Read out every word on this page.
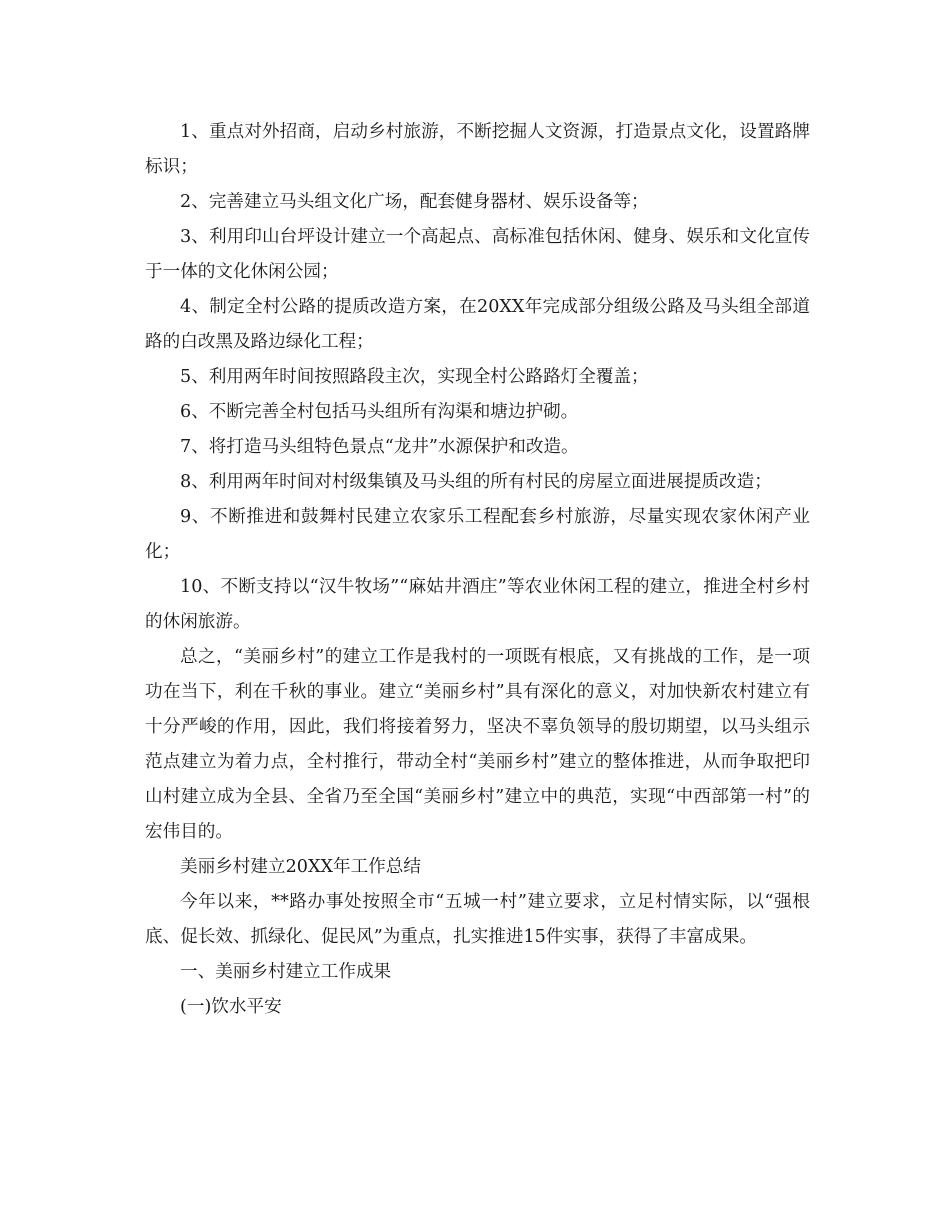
1、重点对外招商，启动乡村旅游，不断挖掘人文资源，打造景点文化，设置路牌标识；

2、完善建立马头组文化广场，配套健身器材、娱乐设备等；

3、利用印山台坪设计建立一个高起点、高标准包括休闲、健身、娱乐和文化宣传于一体的文化休闲公园；

4、制定全村公路的提质改造方案，在20XX年完成部分组级公路及马头组全部道路的白改黑及路边绿化工程；

5、利用两年时间按照路段主次，实现全村公路路灯全覆盖；

6、不断完善全村包括马头组所有沟渠和塘边护砌。

7、将打造马头组特色景点“龙井”水源保护和改造。

8、利用两年时间对村级集镇及马头组的所有村民的房屋立面进展提质改造；

9、不断推进和鼓舞村民建立农家乐工程配套乡村旅游，尽量实现农家休闲产业化；

10、不断支持以“汉牛牧场”“麻姑井酒庄”等农业休闲工程的建立，推进全村乡村的休闲旅游。

总之，“美丽乡村”的建立工作是我村的一项既有根底，又有挑战的工作，是一项功在当下，利在千秋的事业。建立“美丽乡村”具有深化的意义，对加快新农村建立有十分严峻的作用，因此，我们将接着努力，坚决不辜负领导的殷切期望，以马头组示范点建立为着力点，全村推行，带动全村“美丽乡村”建立的整体推进，从而争取把印山村建立成为全县、全省乃至全国“美丽乡村”建立中的典范，实现“中西部第一村”的宏伟目的。

美丽乡村建立20XX年工作总结

今年以来，**路办事处按照全市“五城一村”建立要求，立足村情实际，以“强根底、促长效、抓绿化、促民风”为重点，扎实推进15件实事，获得了丰富成果。

一、美丽乡村建立工作成果

(一)饮水平安
